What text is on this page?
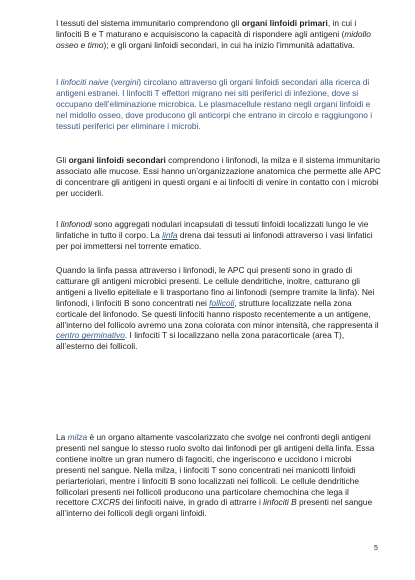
I tessuti del sistema immunitario comprendono gli organi linfoidi primari, in cui i linfociti B e T maturano e acquisiscono la capacità di rispondere agli antigeni (midollo osseo e timo); e gli organi linfoidi secondari, in cui ha inizio l’immunità adattativa.

I linfociti naive (vergini) circolano attraverso gli organi linfoidi secondari alla ricerca di antigeni estranei. I linfociti T effettori migrano nei siti periferici di infezione, dove si occupano dell’eliminazione microbica. Le plasmacellule restano negli organi linfoidi e nel midollo osseo, dove producono gli anticorpi che entrano in circolo e raggiungono i tessuti periferici per eliminare i microbi.

Gli organi linfoidi secondari comprendono i linfonodi, la milza e il sistema immunitario associato alle mucose. Essi hanno un’organizzazione anatomica che permette alle APC di concentrare gli antigeni in questi organi e ai linfociti di venire in contatto con i microbi per ucciderli.

I linfonodi sono aggregati nodulari incapsulati di tessuti linfoidi localizzati lungo le vie linfatiche in tutto il corpo. La linfa drena dai tessuti ai linfonodi attraverso i vasi linfatici per poi immettersi nel torrente ematico.

Quando la linfa passa attraverso i linfonodi, le APC qui presenti sono in grado di catturare gli antigeni microbici presenti. Le cellule dendritiche, inoltre, catturano gli antigeni a livello epiteliale e li trasportano fino ai linfonodi (sempre tramite la linfa). Nei linfonodi, i linfociti B sono concentrati nei follicoli, strutture localizzate nella zona corticale del linfonodo. Se questi linfociti hanno risposto recentemente a un antigene, all’interno del follicolo avremo una zona colorata con minor intensità, che rappresenta il centro germinativo. I linfociti T si localizzano nella zona paracorticale (area T), all’esterno dei follicoli.

La milza è un organo altamente vascolarizzato che svolge nei confronti degli antigeni presenti nel sangue lo stesso ruolo svolto dai linfonodi per gli antigeni della linfa. Essa contiene inoltre un gran numero di fagociti, che ingeriscono e uccidono i microbi presenti nel sangue. Nella milza, i linfociti T sono concentrati nei manicotti linfoidi periarteriolari, mentre i linfociti B sono localizzati nei follicoli. Le cellule dendritiche follicolari presenti nei follicoli producono una particolare chemochina che lega il recettore CXCR5 dei linfociti naive, in grado di attrarre i linfociti B presenti nel sangue all’interno dei follicoli degli organi linfoidi.

5
